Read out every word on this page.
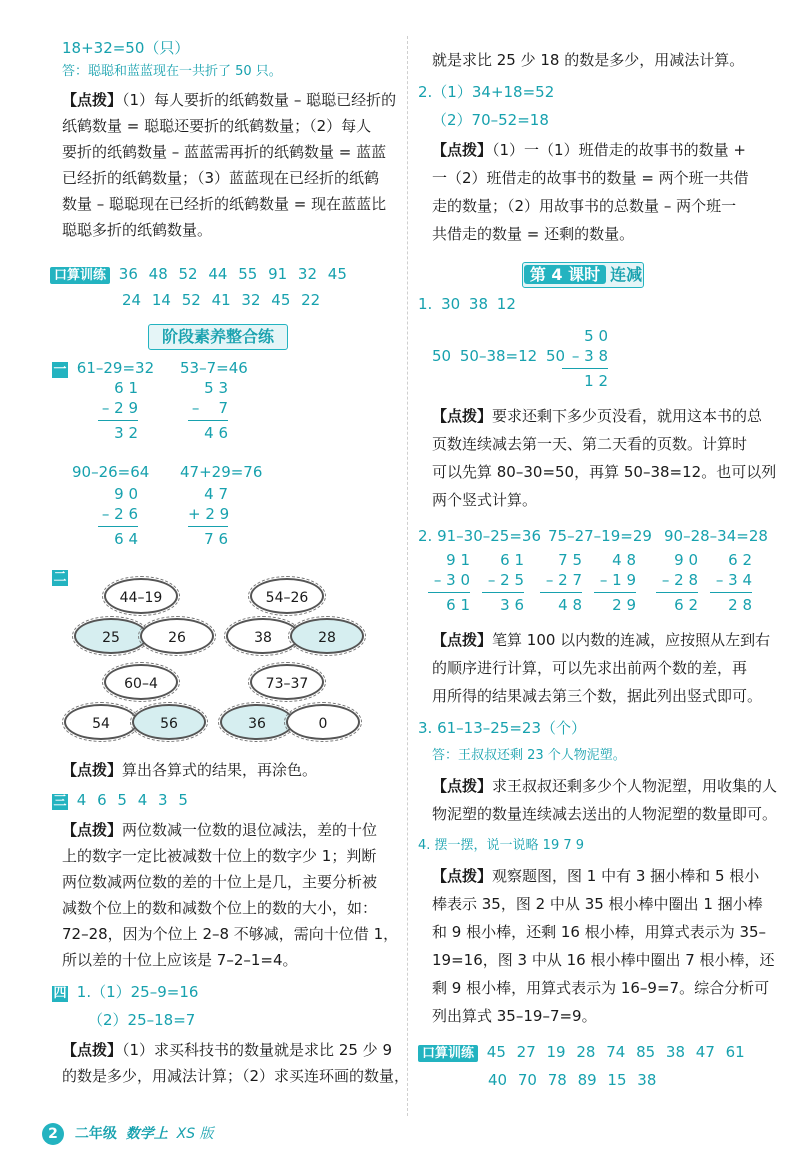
18+32=50（只）
答：聪聪和蓝蓝现在一共折了 50 只。
【点拨】（1）每人要折的纸鹤数量 – 聪聪已经折的
纸鹤数量 = 聪聪还要折的纸鹤数量；（2）每人
要折的纸鹤数量 – 蓝蓝需再折的纸鹤数量 = 蓝蓝
已经折的纸鹤数量；（3）蓝蓝现在已经折的纸鹤
数量 – 聪聪现在已经折的纸鹤数量 = 现在蓝蓝比
聪聪多折的纸鹤数量。
口算训练 36 48 52 44 55 91 32 45
24 14 52 41 32 45 22
阶段素养整合练
一 61–29=32 53–7=46
6 1
– 2 9
3 2
5 3
–    7
4 6
90–26=64 47+29=76
9 0
– 2 6
6 4
4 7
+ 2 9
7 6
二
44–19	54–26
25	26	38	28
60–4	73–37
54	56	36	0
【点拨】算出各算式的结果，再涂色。
三 4 6 5 4 3 5
【点拨】两位数减一位数的退位减法，差的十位
上的数字一定比被减数十位上的数字少 1；判断
两位数减两位数的差的十位上是几，主要分析被
减数个位上的数和减数个位上的数的大小，如：
72–28，因为个位上 2–8 不够减，需向十位借 1，
所以差的十位上应该是 7–2–1=4。
四 1.（1）25–9=16
（2）25–18=7
【点拨】（1）求买科技书的数量就是求比 25 少 9
的数是多少，用减法计算；（2）求买连环画的数量，
就是求比 25 少 18 的数是多少，用减法计算。
2.（1）34+18=52
（2）70–52=18
【点拨】（1）一（1）班借走的故事书的数量 +
一（2）班借走的故事书的数量 = 两个班一共借
走的数量；（2）用故事书的总数量 – 两个班一
共借走的数量 = 还剩的数量。
第 4 课时 连减
1. 30 38 12
5 0
– 3 8
1 2
50 50–38=12 50
【点拨】要求还剩下多少页没看，就用这本书的总
页数连续减去第一天、第二天看的页数。计算时
可以先算 80–30=50，再算 50–38=12。也可以列
两个竖式计算。
2. 91–30–25=36 75–27–19=29 90–28–34=28
9 1
– 3 0
6 1
6 1
– 2 5
3 6
7 5
– 2 7
4 8
4 8
– 1 9
2 9
9 0
– 2 8
6 2
6 2
– 3 4
2 8
【点拨】笔算 100 以内数的连减，应按照从左到右
的顺序进行计算，可以先求出前两个数的差，再
用所得的结果减去第三个数，据此列出竖式即可。
3. 61–13–25=23（个）
答：王叔叔还剩 23 个人物泥塑。
【点拨】求王叔叔还剩多少个人物泥塑，用收集的人
物泥塑的数量连续减去送出的人物泥塑的数量即可。
4. 摆一摆，说一说略 19 7 9
【点拨】观察题图，图 1 中有 3 捆小棒和 5 根小
棒表示 35，图 2 中从 35 根小棒中圈出 1 捆小棒
和 9 根小棒，还剩 16 根小棒，用算式表示为 35–
19=16，图 3 中从 16 根小棒中圈出 7 根小棒，还
剩 9 根小棒，用算式表示为 16–9=7。综合分析可
列出算式 35–19–7=9。
口算训练 45 27 19 28 74 85 38 47 61
40 70 78 89 15 38
2 二年级 数学上 XS 版
